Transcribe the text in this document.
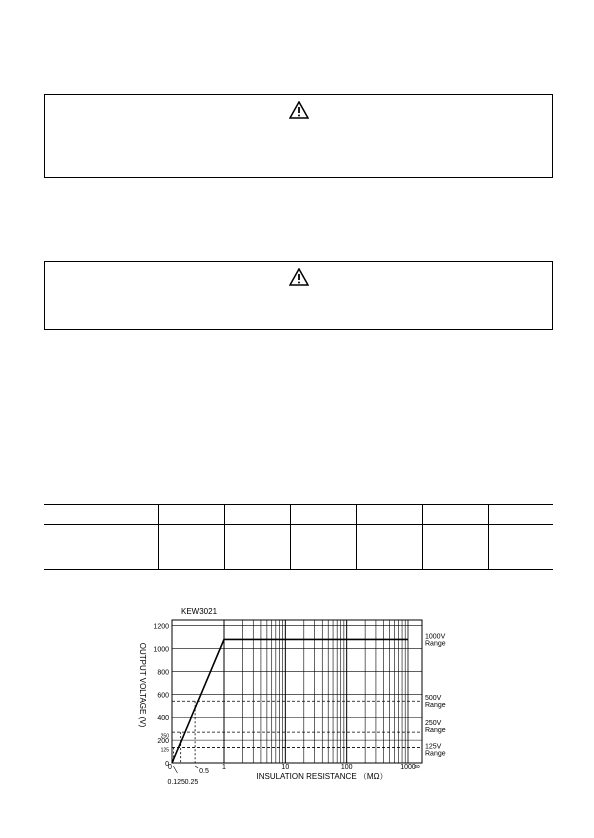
KEW3021
OUTPUT VOLTAGE (V)
INSULATION RESISTANCE （MΩ）
0
125
200
250
400
600
800
1000
1200
0	1	10	100	1000
∞
1000V
Range
500V
Range
250V
Range
125V
Range
0.125 0.25
0.5
